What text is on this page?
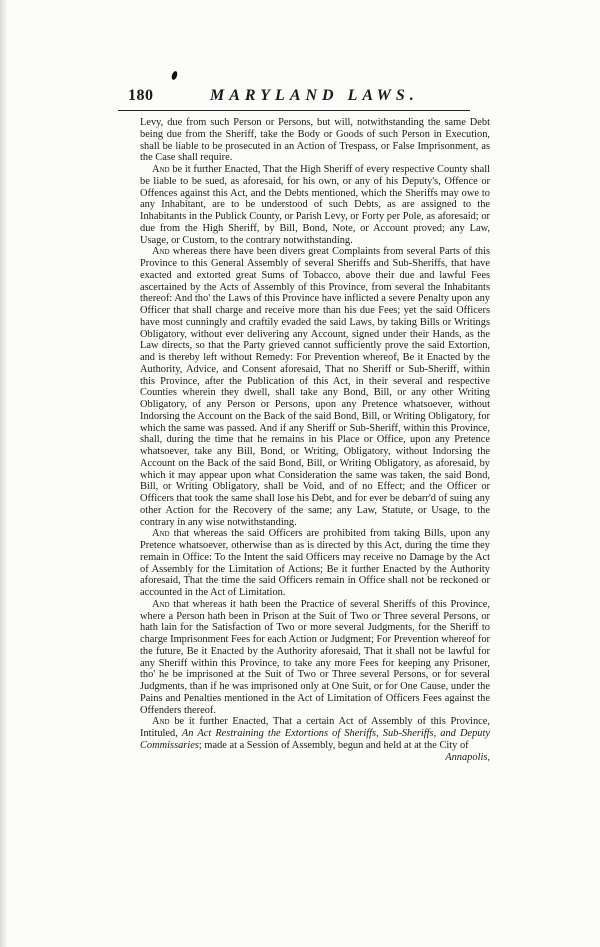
180	MARYLAND LAWS.

Levy, due from such Person or Persons, but will, notwithstanding the same Debt being due from the Sheriff, take the Body or Goods of such Person in Execution, shall be liable to be prosecuted in an Action of Trespass, or False Imprisonment, as the Case shall require.

And be it further Enacted, That the High Sheriff of every respective County shall be liable to be sued, as aforesaid, for his own, or any of his Deputy's, Offence or Offences against this Act, and the Debts mentioned, which the Sheriffs may owe to any Inhabitant, are to be understood of such Debts, as are assigned to the Inhabitants in the Publick County, or Parish Levy, or Forty per Pole, as aforesaid; or due from the High Sheriff, by Bill, Bond, Note, or Account proved; any Law, Usage, or Custom, to the contrary notwithstanding.

And whereas there have been divers great Complaints from several Parts of this Province to this General Assembly of several Sheriffs and Sub-Sheriffs, that have exacted and extorted great Sums of Tobacco, above their due and lawful Fees ascertained by the Acts of Assembly of this Province, from several the Inhabitants thereof: And tho' the Laws of this Province have inflicted a severe Penalty upon any Officer that shall charge and receive more than his due Fees; yet the said Officers have most cunningly and craftily evaded the said Laws, by taking Bills or Writings Obligatory, without ever delivering any Account, signed under their Hands, as the Law directs, so that the Party grieved cannot sufficiently prove the said Extortion, and is thereby left without Remedy: For Prevention whereof, Be it Enacted by the Authority, Advice, and Consent aforesaid, That no Sheriff or Sub-Sheriff, within this Province, after the Publication of this Act, in their several and respective Counties wherein they dwell, shall take any Bond, Bill, or any other Writing Obligatory, of any Person or Persons, upon any Pretence whatsoever, without Indorsing the Account on the Back of the said Bond, Bill, or Writing Obligatory, for which the same was passed. And if any Sheriff or Sub-Sheriff, within this Province, shall, during the time that he remains in his Place or Office, upon any Pretence whatsoever, take any Bill, Bond, or Writing, Obligatory, without Indorsing the Account on the Back of the said Bond, Bill, or Writing Obligatory, as aforesaid, by which it may appear upon what Consideration the same was taken, the said Bond, Bill, or Writing Obligatory, shall be Void, and of no Effect; and the Officer or Officers that took the same shall lose his Debt, and for ever be debarr'd of suing any other Action for the Recovery of the same; any Law, Statute, or Usage, to the contrary in any wise notwithstanding.

And that whereas the said Officers are prohibited from taking Bills, upon any Pretence whatsoever, otherwise than as is directed by this Act, during the time they remain in Office: To the Intent the said Officers may receive no Damage by the Act of Assembly for the Limitation of Actions; Be it further Enacted by the Authority aforesaid, That the time the said Officers remain in Office shall not be reckoned or accounted in the Act of Limitation.

And that whereas it hath been the Practice of several Sheriffs of this Province, where a Person hath been in Prison at the Suit of Two or Three several Persons, or hath lain for the Satisfaction of Two or more several Judgments, for the Sheriff to charge Imprisonment Fees for each Action or Judgment; For Prevention whereof for the future, Be it Enacted by the Authority aforesaid, That it shall not be lawful for any Sheriff within this Province, to take any more Fees for keeping any Prisoner, tho' he be imprisoned at the Suit of Two or Three several Persons, or for several Judgments, than if he was imprisoned only at One Suit, or for One Cause, under the Pains and Penalties mentioned in the Act of Limitation of Officers Fees against the Offenders thereof.

And be it further Enacted, That a certain Act of Assembly of this Province, Intituled, An Act Restraining the Extortions of Sheriffs, Sub-Sheriffs, and Deputy Commissaries; made at a Session of Assembly, begun and held at at the City of

Annapolis,
